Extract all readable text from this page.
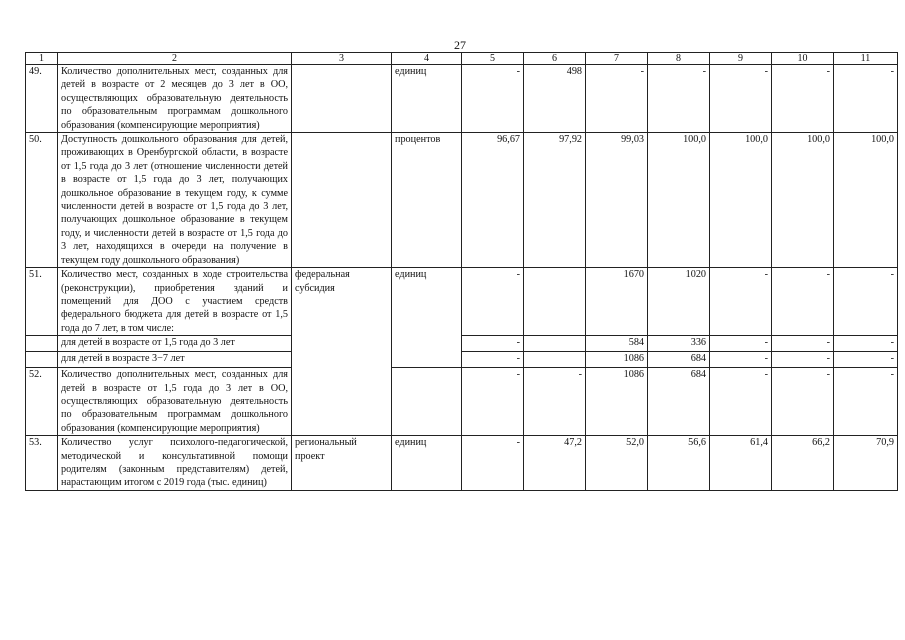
27
1	2	3	4	5	6	7	8	9	10	11
49.	Количество дополнительных мест, созданных для детей в возрасте от 2 месяцев до 3 лет в ОО, осуществляющих образовательную деятельность по образовательным программам дошкольного образования (компенсирующие мероприятия)		единиц	-	498	-	-	-	-	-
50.	Доступность дошкольного образования для детей, проживающих в Оренбургской области, в возрасте от 1,5 года до 3 лет (отношение численности детей в возрасте от 1,5 года до 3 лет, получающих дошкольное образование в текущем году, к сумме численности детей в возрасте от 1,5 года до 3 лет, получающих дошкольное образование в текущем году, и численности детей в возрасте от 1,5 года до 3 лет, находящихся в очереди на получение в текущем году дошкольного образования)		процентов	96,67	97,92	99,03	100,0	100,0	100,0	100,0
51.	Количество мест, созданных в ходе строительства (реконструкции), приобретения зданий и помещений для ДОО с участием средств федерального бюджета для детей в возрасте от 1,5 года до 7 лет, в том числе:	федеральная субсидия	единиц	-		1670	1020	-	-	-
	для детей в возрасте от 1,5 года до 3 лет			-		584	336	-	-	-
	для детей в возрасте 3−7 лет			-		1086	684	-	-	-
52.	Количество дополнительных мест, созданных для детей в возрасте от 1,5 года до 3 лет в ОО, осуществляющих образовательную деятельность по образовательным программам дошкольного образования (компенсирующие мероприятия)			-	-	1086	684	-	-	-
53.	Количество услуг психолого-педагогической, методической и консультативной помощи родителям (законным представителям) детей, нарастающим итогом с 2019 года (тыс. единиц)	региональный проект	единиц	-	47,2	52,0	56,6	61,4	66,2	70,9
